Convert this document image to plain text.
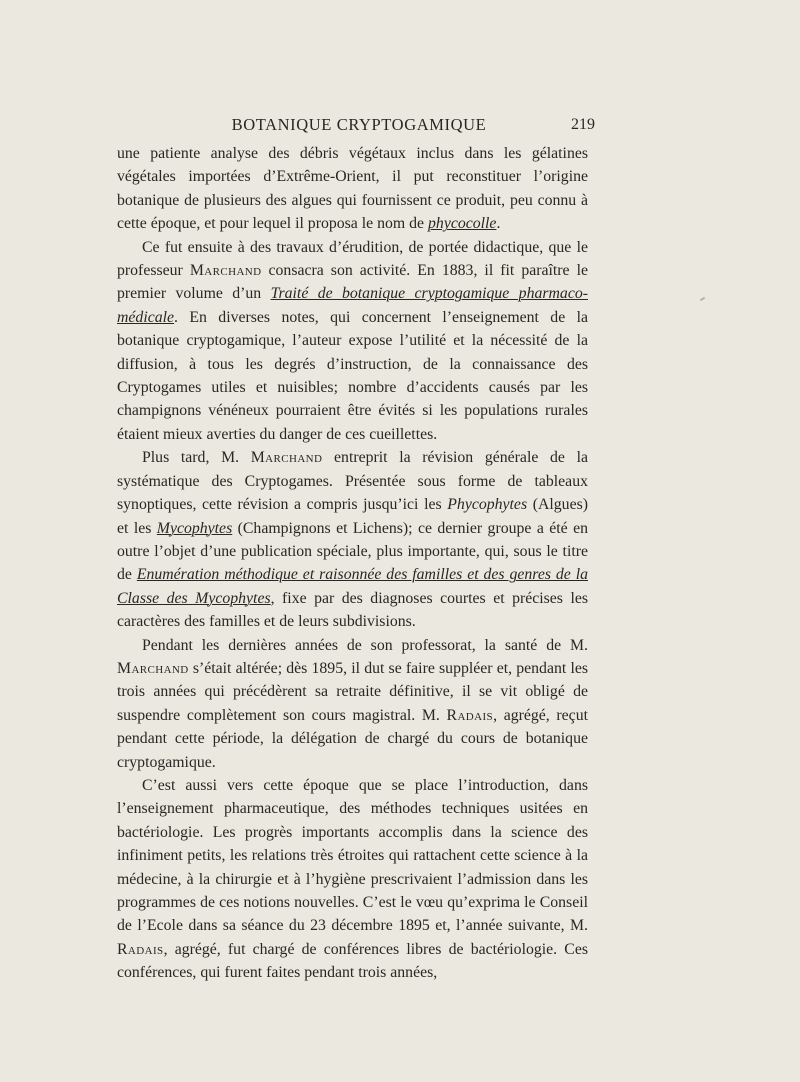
BOTANIQUE CRYPTOGAMIQUE	219

une patiente analyse des débris végétaux inclus dans les gélatines végétales importées d’Extrême-Orient, il put reconstituer l’origine botanique de plusieurs des algues qui fournissent ce produit, peu connu à cette époque, et pour lequel il proposa le nom de phycocolle.

Ce fut ensuite à des travaux d’érudition, de portée didactique, que le professeur Marchand consacra son activité. En 1883, il fit paraître le premier volume d’un Traité de botanique cryptogamique pharmaco-médicale. En diverses notes, qui concernent l’enseignement de la botanique cryptogamique, l’auteur expose l’utilité et la nécessité de la diffusion, à tous les degrés d’instruction, de la connaissance des Cryptogames utiles et nuisibles; nombre d’accidents causés par les champignons vénéneux pourraient être évités si les populations rurales étaient mieux averties du danger de ces cueillettes.

Plus tard, M. Marchand entreprit la révision générale de la systématique des Cryptogames. Présentée sous forme de tableaux synoptiques, cette révision a compris jusqu’ici les Phycophytes (Algues) et les Mycophytes (Champignons et Lichens); ce dernier groupe a été en outre l’objet d’une publication spéciale, plus importante, qui, sous le titre de Enumération méthodique et raisonnée des familles et des genres de la Classe des Mycophytes, fixe par des diagnoses courtes et précises les caractères des familles et de leurs subdivisions.

Pendant les dernières années de son professorat, la santé de M. Marchand s’était altérée; dès 1895, il dut se faire suppléer et, pendant les trois années qui précédèrent sa retraite définitive, il se vit obligé de suspendre complètement son cours magistral. M. Radais, agrégé, reçut pendant cette période, la délégation de chargé du cours de botanique cryptogamique.

C’est aussi vers cette époque que se place l’introduction, dans l’enseignement pharmaceutique, des méthodes techniques usitées en bactériologie. Les progrès importants accomplis dans la science des infiniment petits, les relations très étroites qui rattachent cette science à la médecine, à la chirurgie et à l’hygiène prescrivaient l’admission dans les programmes de ces notions nouvelles. C’est le vœu qu’exprima le Conseil de l’Ecole dans sa séance du 23 décembre 1895 et, l’année suivante, M. Radais, agrégé, fut chargé de conférences libres de bactériologie. Ces conférences, qui furent faites pendant trois années,
